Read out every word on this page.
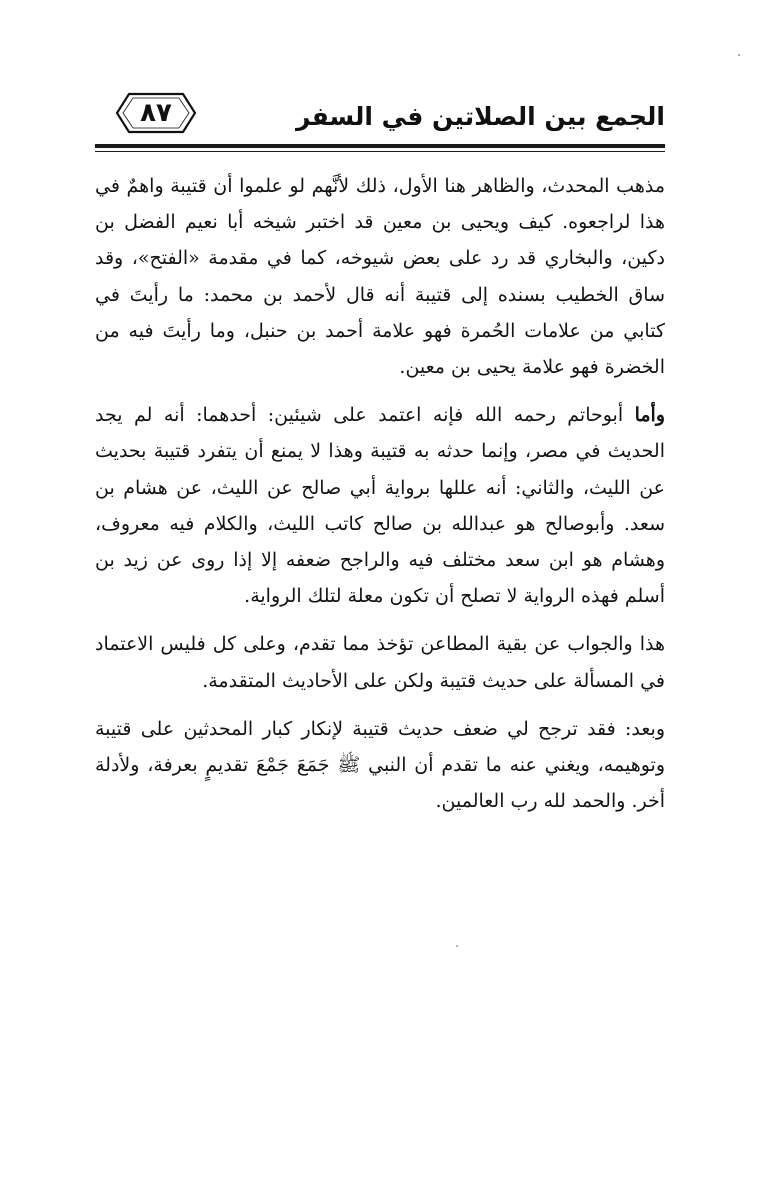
٨٧	الجمع بين الصلاتين في السفر

مذهب المحدث، والظاهر هنا الأول، ذلك لأنَّهم لو علموا أن قتيبة واهمٌ في هذا لراجعوه. كيف ويحيى بن معين قد اختبر شيخه أبا نعيم الفضل بن دكين، والبخاري قد رد على بعض شيوخه، كما في مقدمة «الفتح»، وقد ساق الخطيب بسنده إلى قتيبة أنه قال لأحمد بن محمد: ما رأيتَ في كتابي من علامات الحُمرة فهو علامة أحمد بن حنبل، وما رأيتَ فيه من الخضرة فهو علامة يحيى بن معين.

وأما أبوحاتم رحمه الله فإنه اعتمد على شيئين: أحدهما: أنه لم يجد الحديث في مصر، وإنما حدثه به قتيبة وهذا لا يمنع أن يتفرد قتيبة بحديث عن الليث، والثاني: أنه عللها برواية أبي صالح عن الليث، عن هشام بن سعد. وأبوصالح هو عبدالله بن صالح كاتب الليث، والكلام فيه معروف، وهشام هو ابن سعد مختلف فيه والراجح ضعفه إلا إذا روى عن زيد بن أسلم فهذه الرواية لا تصلح أن تكون معلة لتلك الرواية.

هذا والجواب عن بقية المطاعن تؤخذ مما تقدم، وعلى كل فليس الاعتماد في المسألة على حديث قتيبة ولكن على الأحاديث المتقدمة.

وبعد: فقد ترجح لي ضعف حديث قتيبة لإنكار كبار المحدثين على قتيبة وتوهيمه، ويغني عنه ما تقدم أن النبي ﷺ جَمَعَ جَمْعَ تقديمٍ بعرفة، ولأدلة أخر. والحمد لله رب العالمين.
